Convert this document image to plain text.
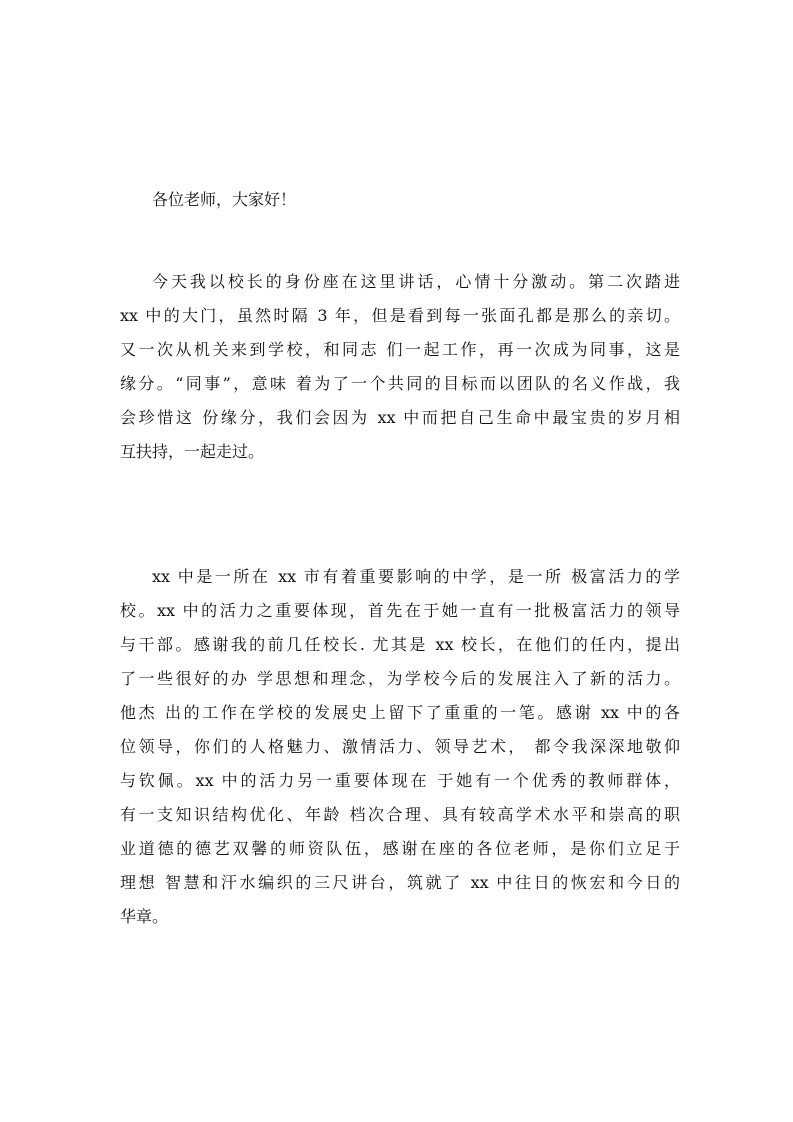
各位老师，大家好！
今天我以校长的身份座在这里讲话，心情十分激动。第二次踏进
xx 中的大门，虽然时隔 3 年，但是看到每一张面孔都是那么的亲切。
又一次从机关来到学校，和同志 们一起工作，再一次成为同事，这是
缘分。“同事”，意味 着为了一个共同的目标而以团队的名义作战，我
会珍惜这 份缘分，我们会因为 xx 中而把自己生命中最宝贵的岁月相
互扶持，一起走过。
xx 中是一所在 xx 市有着重要影响的中学，是一所 极富活力的学
校。xx 中的活力之重要体现，首先在于她一直有一批极富活力的领导
与干部。感谢我的前几任校长. 尤其是 xx 校长，在他们的任内，提出
了一些很好的办 学思想和理念，为学校今后的发展注入了新的活力。
他杰 出的工作在学校的发展史上留下了重重的一笔。感谢 xx 中的各
位领导，你们的人格魅力、激情活力、领导艺术， 都令我深深地敬仰
与钦佩。xx 中的活力另一重要体现在 于她有一个优秀的教师群体，
有一支知识结构优化、年龄 档次合理、具有较高学术水平和崇高的职
业道德的德艺双馨的师资队伍，感谢在座的各位老师，是你们立足于
理想 智慧和汗水编织的三尺讲台，筑就了 xx 中往日的恢宏和今日的
华章。
